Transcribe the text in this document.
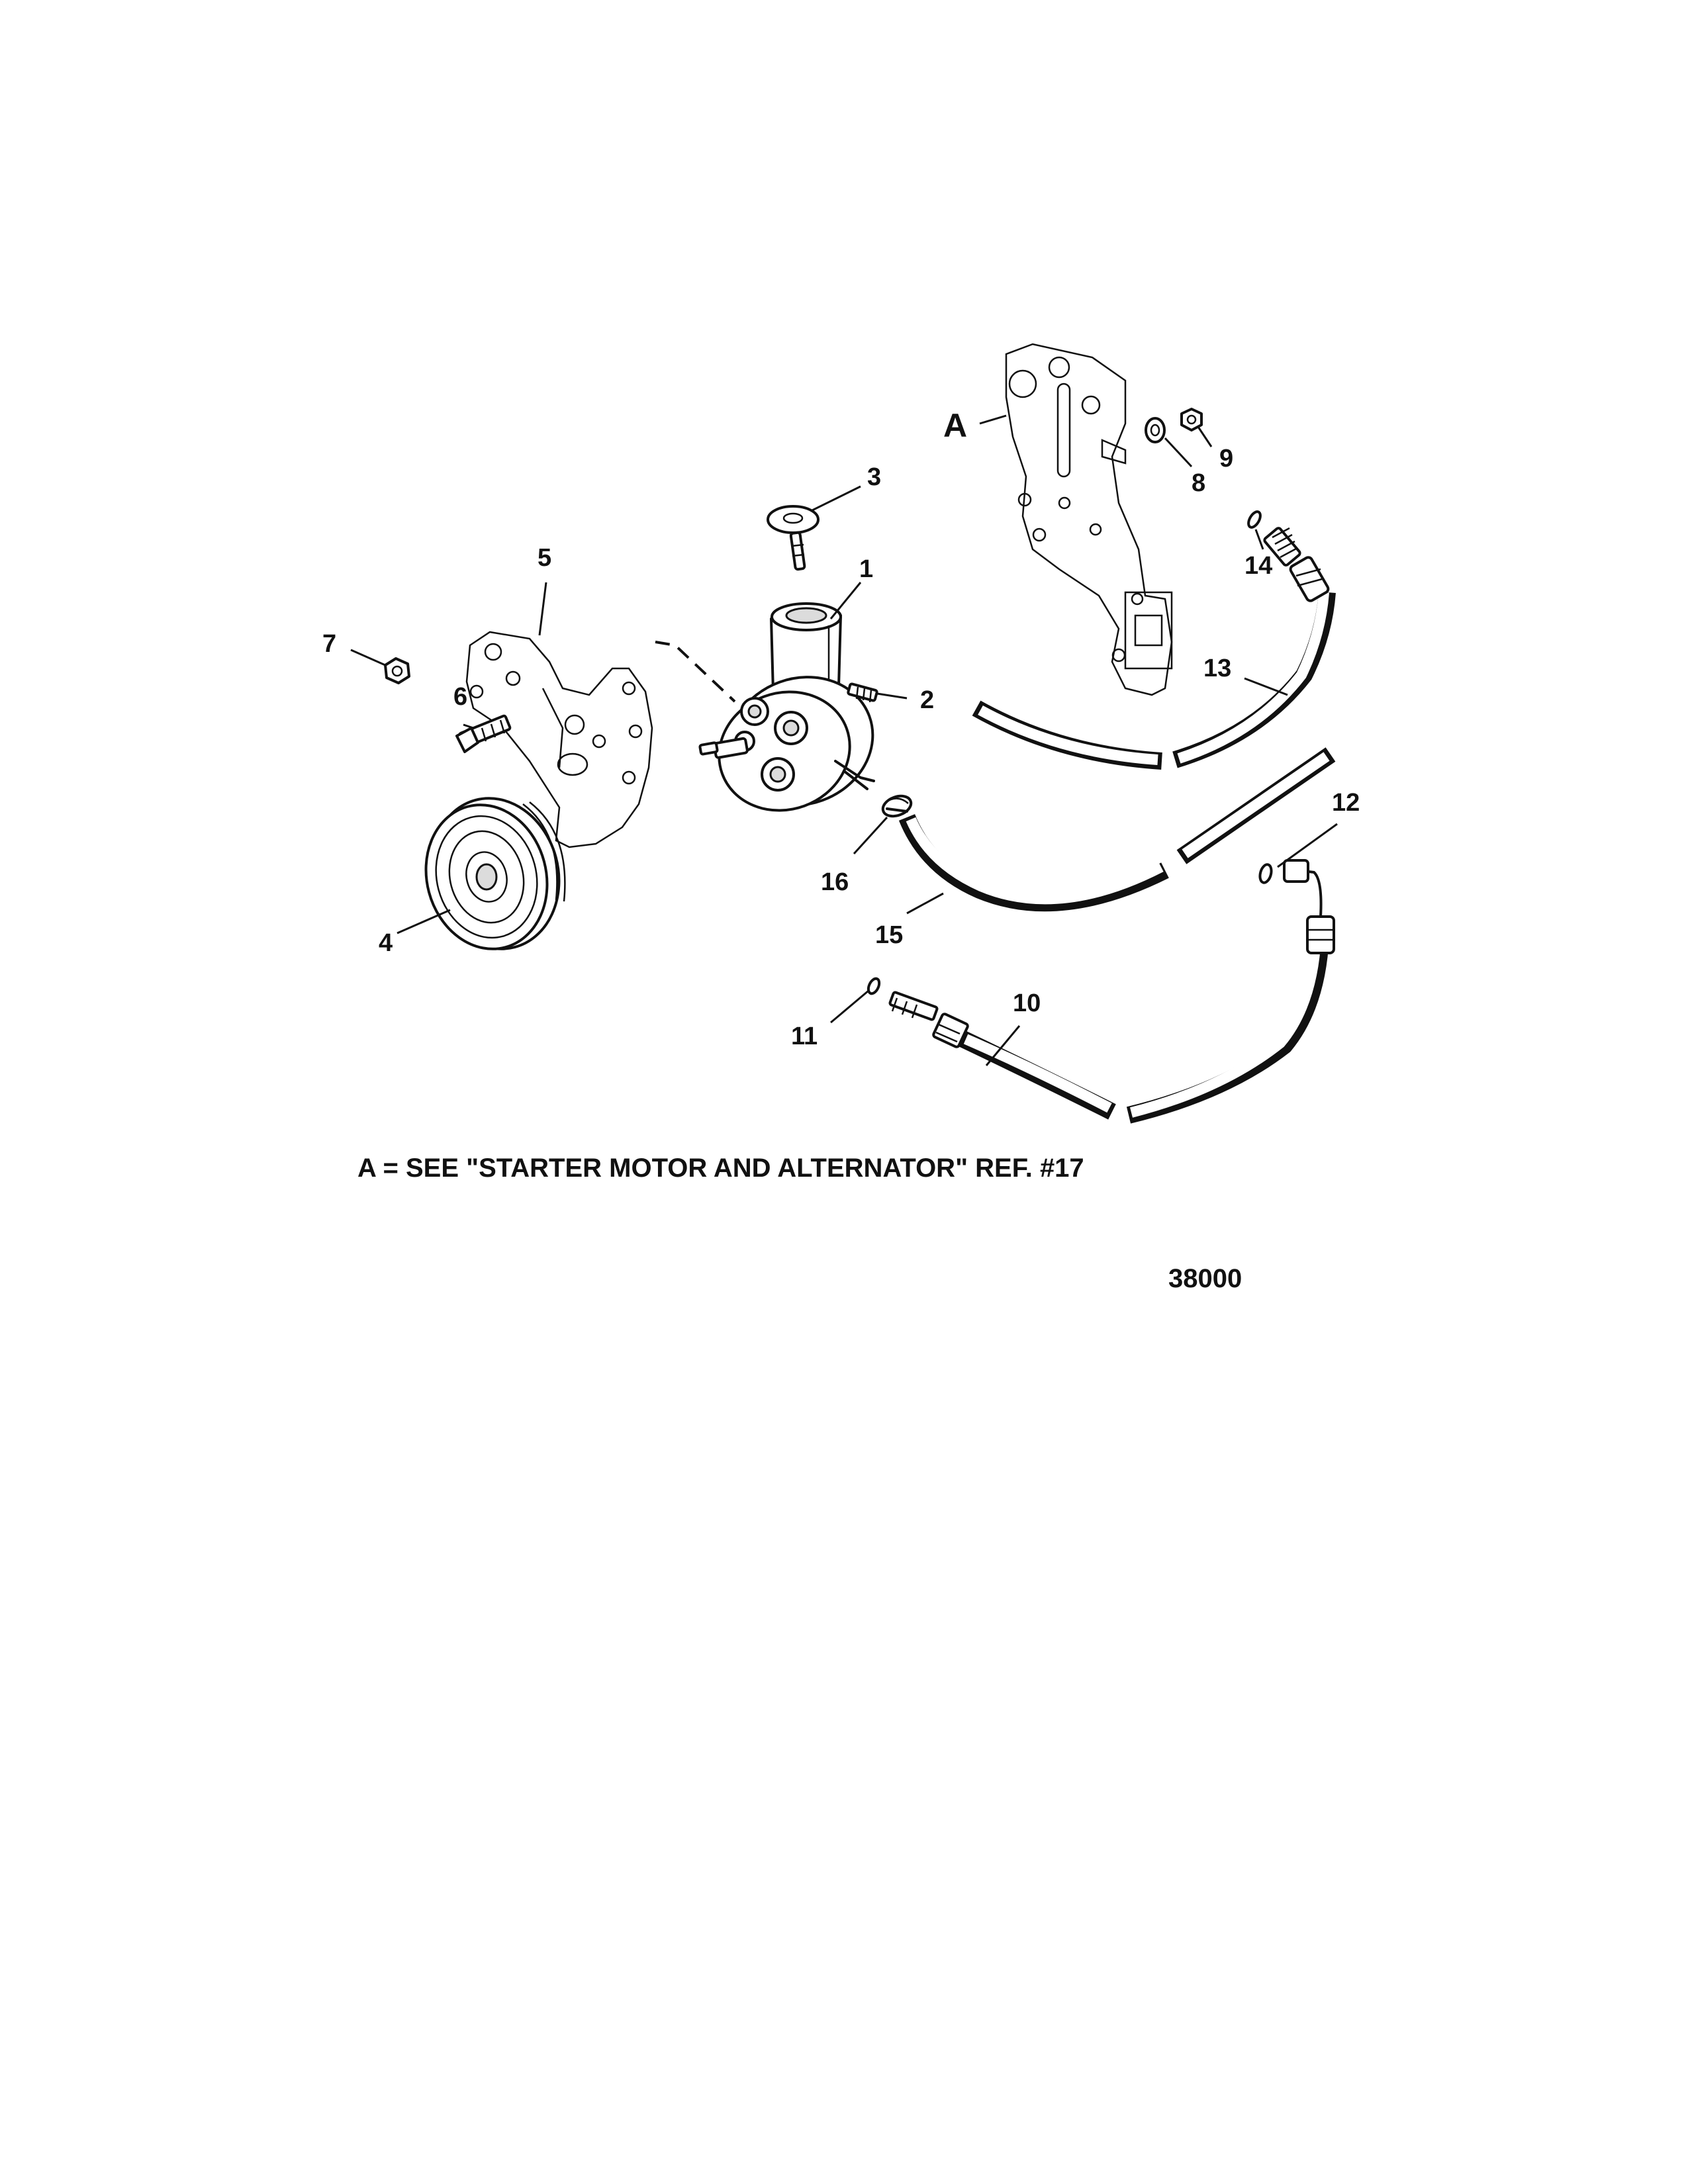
1
2
3
4
5
6
7
8
9
10
11
12
13
14
15
16
A
A = SEE "STARTER MOTOR AND ALTERNATOR" REF. #17
38000
